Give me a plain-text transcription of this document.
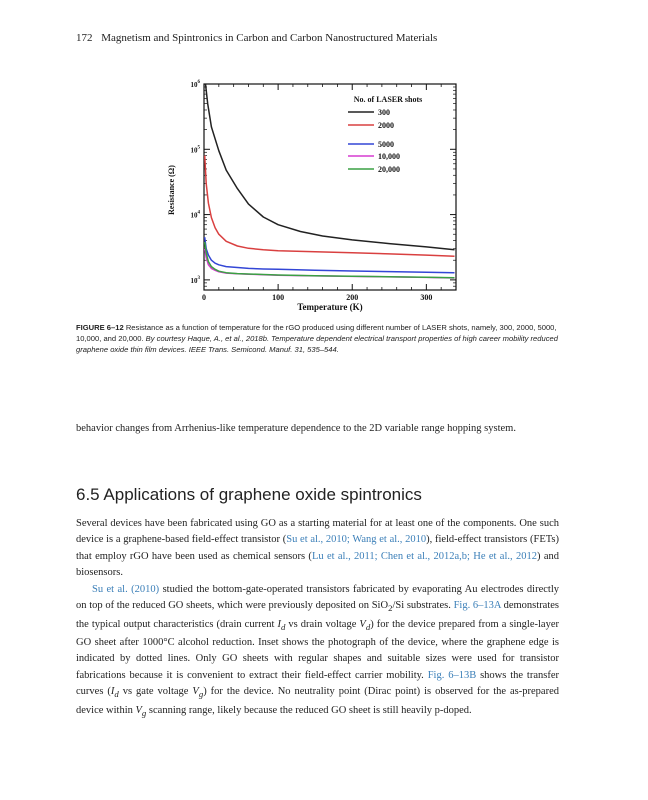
172 Magnetism and Spintronics in Carbon and Carbon Nanostructured Materials
0	100	200	300
$10^6$
$10^5$
$10^4$
$10^3$
No. of LASER shots
300
2000
5000
10,000
20,000
Temperature (K)
Resistance (Ω)
FIGURE 6–12 Resistance as a function of temperature for the rGO produced using different number of LASER shots, namely, 300, 2000, 5000, 10,000, and 20,000. By courtesy Haque, A., et al., 2018b. Temperature dependent electrical transport properties of high career mobility reduced graphene oxide thin film devices. IEEE Trans. Semicond. Manuf. 31, 535–544.
behavior changes from Arrhenius-like temperature dependence to the 2D variable range hopping system.
6.5 Applications of graphene oxide spintronics

Several devices have been fabricated using GO as a starting material for at least one of the components. One such device is a graphene-based field-effect transistor (Su et al., 2010; Wang et al., 2010), field-effect transistors (FETs) that employ rGO have been used as chemical sensors (Lu et al., 2011; Chen et al., 2012a,b; He et al., 2012) and biosensors.

Su et al. (2010) studied the bottom-gate-operated transistors fabricated by evaporating Au electrodes directly on top of the reduced GO sheets, which were previously deposited on SiO$_2$/Si substrates. Fig. 6–13A demonstrates the typical output characteristics (drain current $I_d$ vs drain voltage $V_d$) for the device prepared from a single-layer GO sheet after 1000°C alcohol reduction. Inset shows the photograph of the device, where the graphene edge is indicated by dotted lines. Only GO sheets with regular shapes and suitable sizes were used for transistor fabrications because it is convenient to extract their field-effect carrier mobility. Fig. 6–13B shows the transfer curves ($I_d$ vs gate voltage $V_g$) for the device. No neutrality point (Dirac point) is observed for the as-prepared device within $V_g$ scanning range, likely because the reduced GO sheet is still heavily p-doped.
